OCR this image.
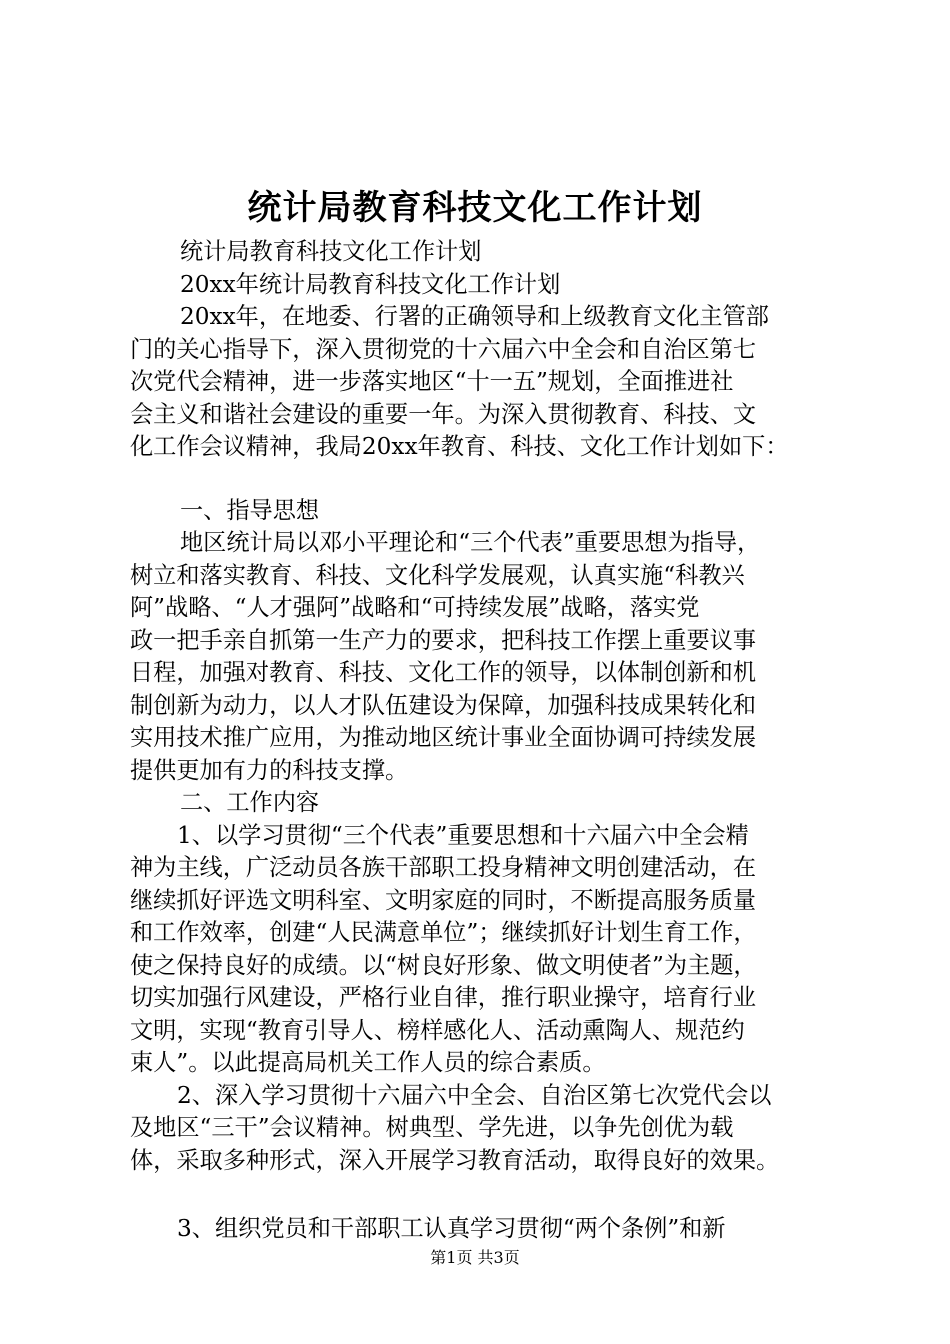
统计局教育科技文化工作计划
统计局教育科技文化工作计划
20xx年统计局教育科技文化工作计划
20xx年，在地委、行署的正确领导和上级教育文化主管部
门的关心指导下，深入贯彻党的十六届六中全会和自治区第七
次党代会精神，进一步落实地区“十一五”规划，全面推进社
会主义和谐社会建设的重要一年。为深入贯彻教育、科技、文
化工作会议精神，我局20xx年教育、科技、文化工作计划如下：
一、指导思想
地区统计局以邓小平理论和“三个代表”重要思想为指导，
树立和落实教育、科技、文化科学发展观，认真实施“科教兴
阿”战略、“人才强阿”战略和“可持续发展”战略，落实党
政一把手亲自抓第一生产力的要求，把科技工作摆上重要议事
日程，加强对教育、科技、文化工作的领导，以体制创新和机
制创新为动力，以人才队伍建设为保障，加强科技成果转化和
实用技术推广应用，为推动地区统计事业全面协调可持续发展
提供更加有力的科技支撑。
二、工作内容
1、以学习贯彻“三个代表”重要思想和十六届六中全会精
神为主线，广泛动员各族干部职工投身精神文明创建活动，在
继续抓好评选文明科室、文明家庭的同时，不断提高服务质量
和工作效率，创建“人民满意单位”；继续抓好计划生育工作，
使之保持良好的成绩。以“树良好形象、做文明使者”为主题，
切实加强行风建设，严格行业自律，推行职业操守，培育行业
文明，实现“教育引导人、榜样感化人、活动熏陶人、规范约
束人”。以此提高局机关工作人员的综合素质。
2、深入学习贯彻十六届六中全会、自治区第七次党代会以
及地区“三干”会议精神。树典型、学先进，以争先创优为载
体，采取多种形式，深入开展学习教育活动，取得良好的效果。
3、组织党员和干部职工认真学习贯彻“两个条例”和新
第1页 共3页
